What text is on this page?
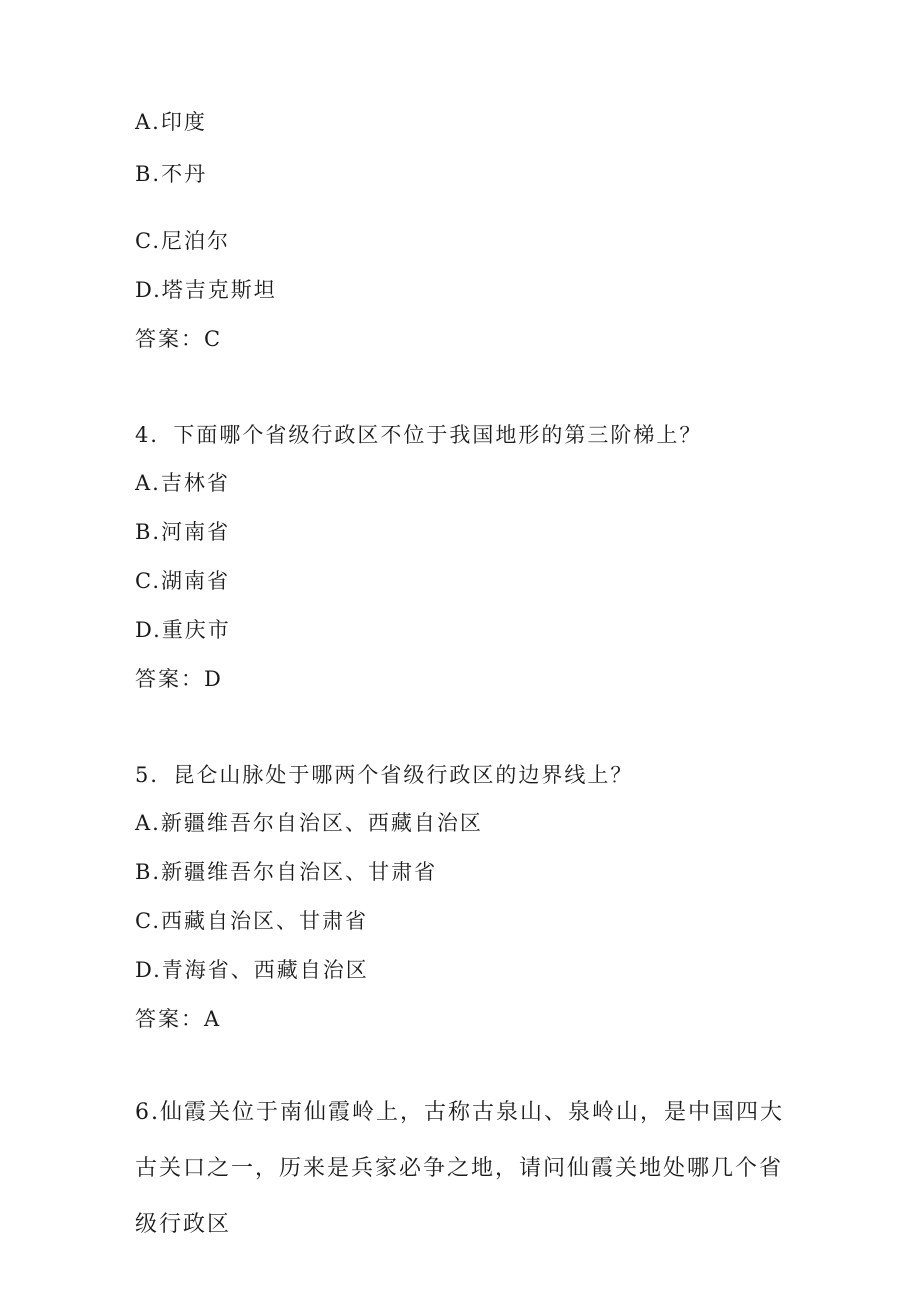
A.印度
B.不丹
C.尼泊尔
D.塔吉克斯坦
答案：C
4．下面哪个省级行政区不位于我国地形的第三阶梯上？
A.吉林省
B.河南省
C.湖南省
D.重庆市
答案：D
5．昆仑山脉处于哪两个省级行政区的边界线上？
A.新疆维吾尔自治区、西藏自治区
B.新疆维吾尔自治区、甘肃省
C.西藏自治区、甘肃省
D.青海省、西藏自治区
答案：A
6.仙霞关位于南仙霞岭上，古称古泉山、泉岭山，是中国四大古关口之一，历来是兵家必争之地，请问仙霞关地处哪几个省级行政区
